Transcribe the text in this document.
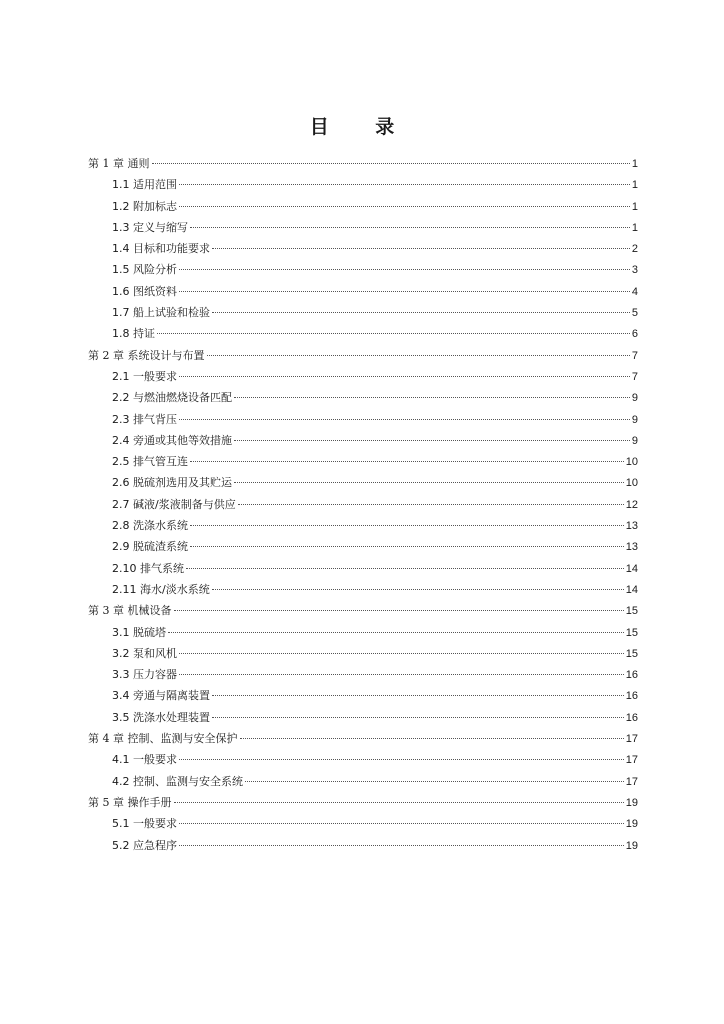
目 录
第 1 章 通则	1
1.1 适用范围	1
1.2 附加标志	1
1.3 定义与缩写	1
1.4 目标和功能要求	2
1.5 风险分析	3
1.6 图纸资料	4
1.7 船上试验和检验	5
1.8 持证	6
第 2 章 系统设计与布置	7
2.1 一般要求	7
2.2 与燃油燃烧设备匹配	9
2.3 排气背压	9
2.4 旁通或其他等效措施	9
2.5 排气管互连	10
2.6 脱硫剂选用及其贮运	10
2.7 碱液/浆液制备与供应	12
2.8 洗涤水系统	13
2.9 脱硫渣系统	13
2.10 排气系统	14
2.11 海水/淡水系统	14
第 3 章 机械设备	15
3.1 脱硫塔	15
3.2 泵和风机	15
3.3 压力容器	16
3.4 旁通与隔离装置	16
3.5 洗涤水处理装置	16
第 4 章 控制、监测与安全保护	17
4.1 一般要求	17
4.2 控制、监测与安全系统	17
第 5 章 操作手册	19
5.1 一般要求	19
5.2 应急程序	19
